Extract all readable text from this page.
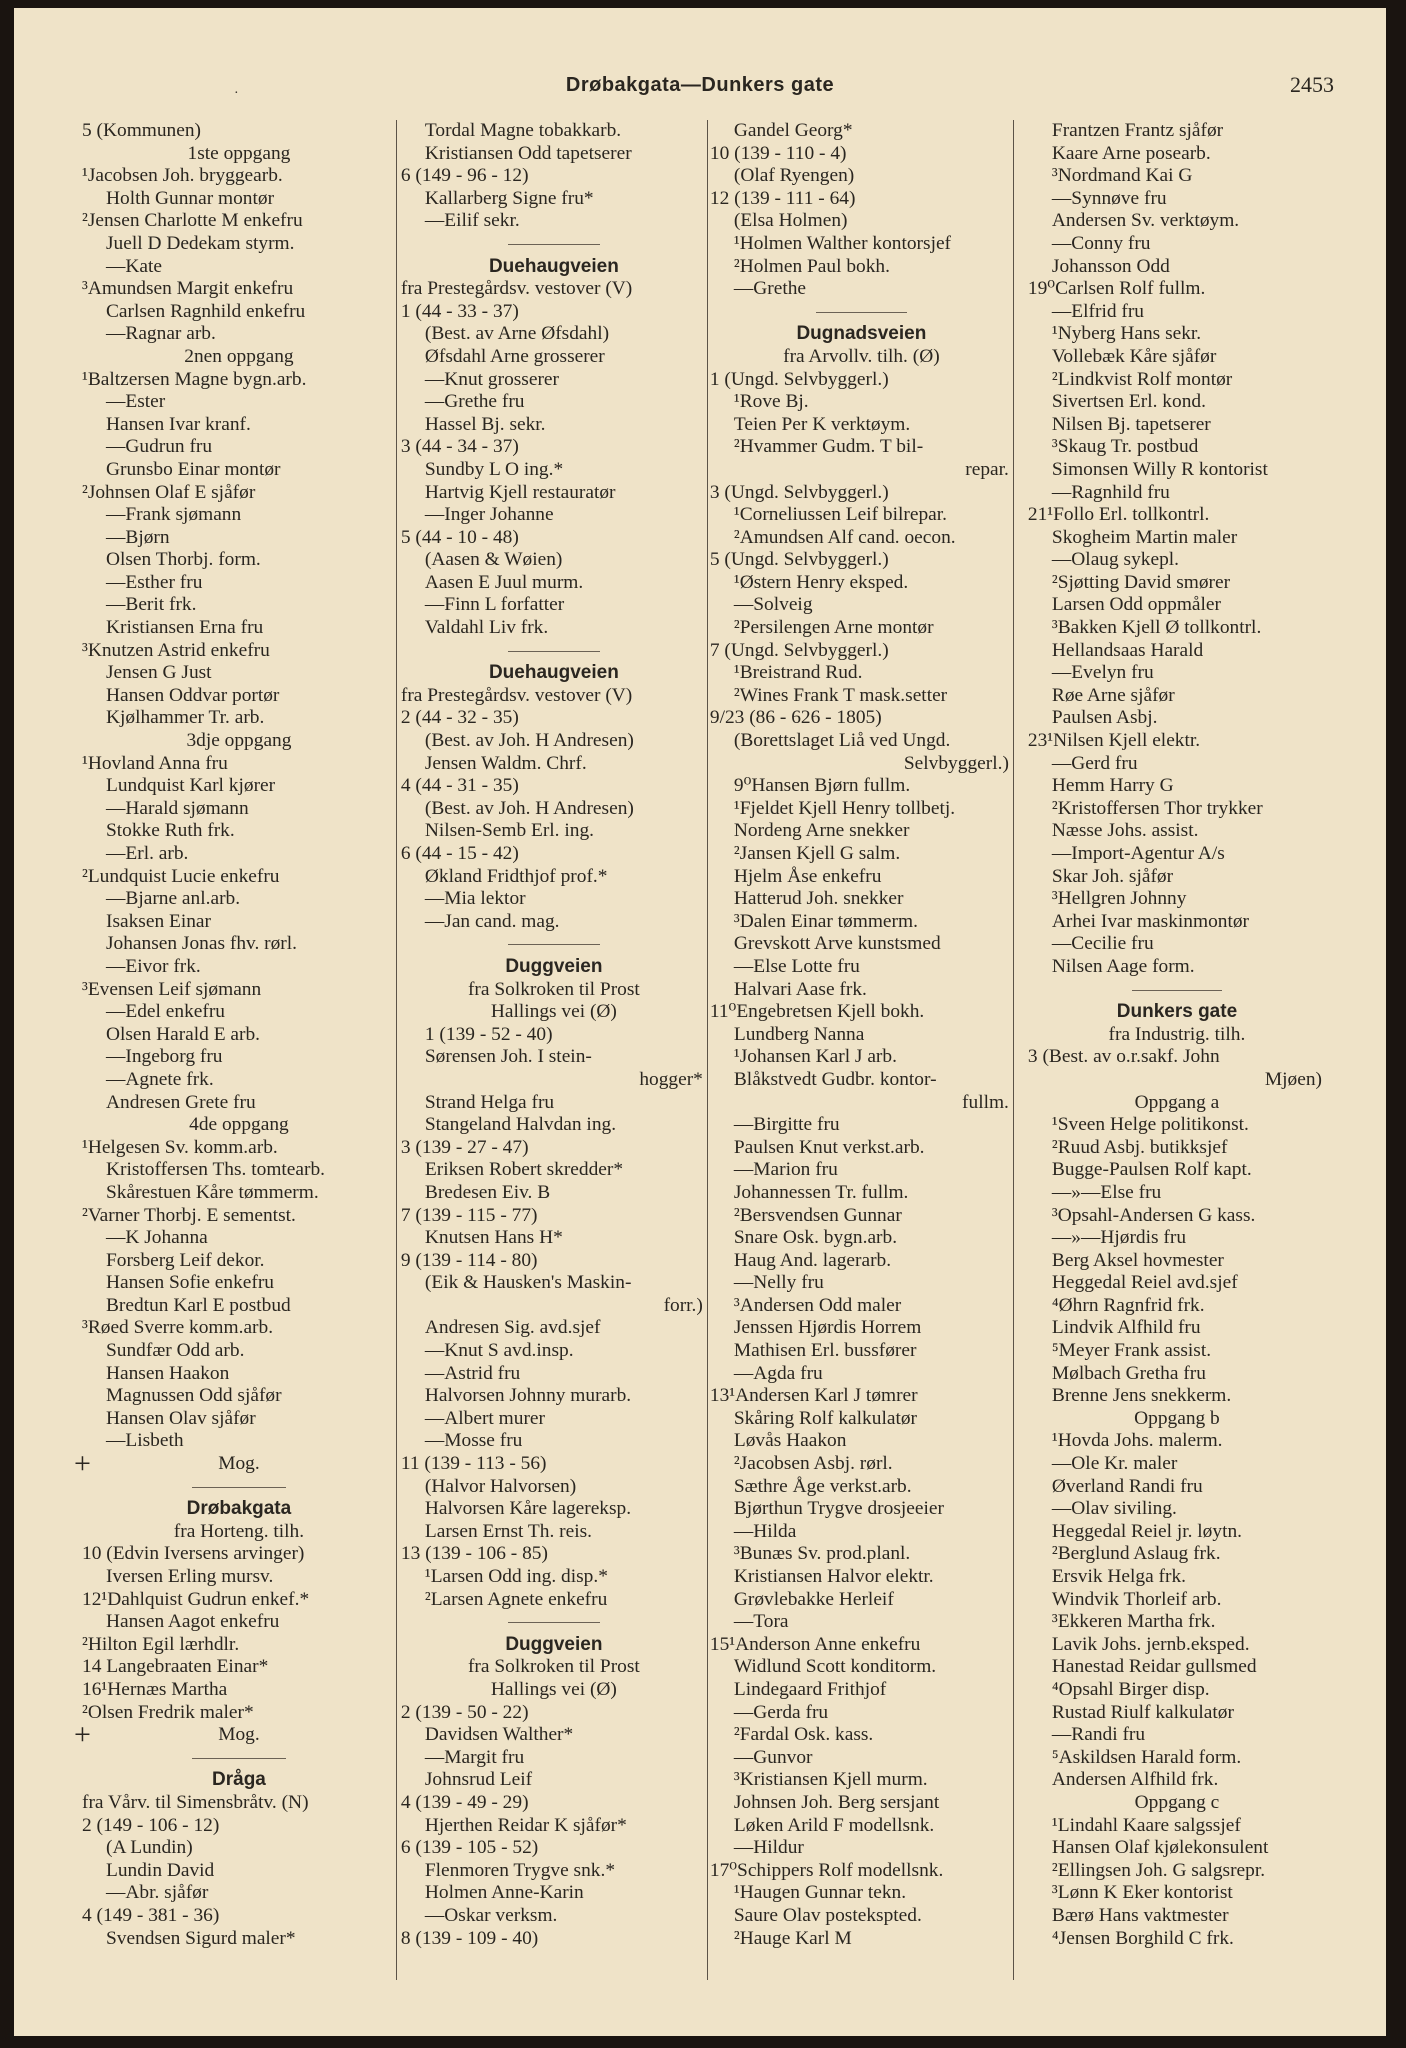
·	Drøbakgata—Dunkers gate	2453
5 (Kommunen)
1ste oppgang
¹Jacobsen Joh. bryggearb.
Holth Gunnar montør
²Jensen Charlotte M enkefru
Juell D Dedekam styrm.
—Kate
³Amundsen Margit enkefru
Carlsen Ragnhild enkefru
—Ragnar arb.
2nen oppgang
¹Baltzersen Magne bygn.arb.
—Ester
Hansen Ivar kranf.
—Gudrun fru
Grunsbo Einar montør
²Johnsen Olaf E sjåfør
—Frank sjømann
—Bjørn
Olsen Thorbj. form.
—Esther fru
—Berit frk.
Kristiansen Erna fru
³Knutzen Astrid enkefru
Jensen G Just
Hansen Oddvar portør
Kjølhammer Tr. arb.
3dje oppgang
¹Hovland Anna fru
Lundquist Karl kjører
—Harald sjømann
Stokke Ruth frk.
—Erl. arb.
²Lundquist Lucie enkefru
—Bjarne anl.arb.
Isaksen Einar
Johansen Jonas fhv. rørl.
—Eivor frk.
³Evensen Leif sjømann
—Edel enkefru
Olsen Harald E arb.
—Ingeborg fru
—Agnete frk.
Andresen Grete fru
4de oppgang
¹Helgesen Sv. komm.arb.
Kristoffersen Ths. tomtearb.
Skårestuen Kåre tømmerm.
²Varner Thorbj. E sementst.
—K Johanna
Forsberg Leif dekor.
Hansen Sofie enkefru
Bredtun Karl E postbud
³Røed Sverre komm.arb.
Sundfær Odd arb.
Hansen Haakon
Magnussen Odd sjåfør
Hansen Olav sjåfør
—Lisbeth
+	Mog.
Drøbakgata
fra Horteng. tilh.
10 (Edvin Iversens arvinger)
Iversen Erling mursv.
12¹Dahlquist Gudrun enkef.*
Hansen Aagot enkefru
²Hilton Egil lærhdlr.
14 Langebraaten Einar*
16¹Hernæs Martha
²Olsen Fredrik maler*
+	Mog.
Dråga
fra Vårv. til Simensbråtv. (N)
2 (149 - 106 - 12)
(A Lundin)
Lundin David
—Abr. sjåfør
4 (149 - 381 - 36)
Svendsen Sigurd maler*
Tordal Magne tobakkarb.
Kristiansen Odd tapetserer
6 (149 - 96 - 12)
Kallarberg Signe fru*
—Eilif sekr.
Duehaugveien
fra Prestegårdsv. vestover (V)
1 (44 - 33 - 37)
(Best. av Arne Øfsdahl)
Øfsdahl Arne grosserer
—Knut grosserer
—Grethe fru
Hassel Bj. sekr.
3 (44 - 34 - 37)
Sundby L O ing.*
Hartvig Kjell restauratør
—Inger Johanne
5 (44 - 10 - 48)
(Aasen & Wøien)
Aasen E Juul murm.
—Finn L forfatter
Valdahl Liv frk.
Duehaugveien
fra Prestegårdsv. vestover (V)
2 (44 - 32 - 35)
(Best. av Joh. H Andresen)
Jensen Waldm. Chrf.
4 (44 - 31 - 35)
(Best. av Joh. H Andresen)
Nilsen-Semb Erl. ing.
6 (44 - 15 - 42)
Økland Fridthjof prof.*
—Mia lektor
—Jan cand. mag.
Duggveien
fra Solkroken til Prost
Hallings vei (Ø)
1 (139 - 52 - 40)
Sørensen Joh. I stein-
hogger*
Strand Helga fru
Stangeland Halvdan ing.
3 (139 - 27 - 47)
Eriksen Robert skredder*
Bredesen Eiv. B
7 (139 - 115 - 77)
Knutsen Hans H*
9 (139 - 114 - 80)
(Eik & Hausken's Maskin-
forr.)
Andresen Sig. avd.sjef
—Knut S avd.insp.
—Astrid fru
Halvorsen Johnny murarb.
—Albert murer
—Mosse fru
11 (139 - 113 - 56)
(Halvor Halvorsen)
Halvorsen Kåre lagereksp.
Larsen Ernst Th. reis.
13 (139 - 106 - 85)
¹Larsen Odd ing. disp.*
²Larsen Agnete enkefru
Duggveien
fra Solkroken til Prost
Hallings vei (Ø)
2 (139 - 50 - 22)
Davidsen Walther*
—Margit fru
Johnsrud Leif
4 (139 - 49 - 29)
Hjerthen Reidar K sjåfør*
6 (139 - 105 - 52)
Flenmoren Trygve snk.*
Holmen Anne-Karin
—Oskar verksm.
8 (139 - 109 - 40)
Gandel Georg*
10 (139 - 110 - 4)
(Olaf Ryengen)
12 (139 - 111 - 64)
(Elsa Holmen)
¹Holmen Walther kontorsjef
²Holmen Paul bokh.
—Grethe
Dugnadsveien
fra Arvollv. tilh. (Ø)
1 (Ungd. Selvbyggerl.)
¹Rove Bj.
Teien Per K verktøym.
²Hvammer Gudm. T bil-
repar.
3 (Ungd. Selvbyggerl.)
¹Corneliussen Leif bilrepar.
²Amundsen Alf cand. oecon.
5 (Ungd. Selvbyggerl.)
¹Østern Henry eksped.
—Solveig
²Persilengen Arne montør
7 (Ungd. Selvbyggerl.)
¹Breistrand Rud.
²Wines Frank T mask.setter
9/23 (86 - 626 - 1805)
(Borettslaget Liå ved Ungd.
Selvbyggerl.)
9⁰Hansen Bjørn fullm.
¹Fjeldet Kjell Henry tollbetj.
Nordeng Arne snekker
²Jansen Kjell G salm.
Hjelm Åse enkefru
Hatterud Joh. snekker
³Dalen Einar tømmerm.
Grevskott Arve kunstsmed
—Else Lotte fru
Halvari Aase frk.
11⁰Engebretsen Kjell bokh.
Lundberg Nanna
¹Johansen Karl J arb.
Blåkstvedt Gudbr. kontor-
fullm.
—Birgitte fru
Paulsen Knut verkst.arb.
—Marion fru
Johannessen Tr. fullm.
²Bersvendsen Gunnar
Snare Osk. bygn.arb.
Haug And. lagerarb.
—Nelly fru
³Andersen Odd maler
Jenssen Hjørdis Horrem
Mathisen Erl. bussfører
—Agda fru
13¹Andersen Karl J tømrer
Skåring Rolf kalkulatør
Løvås Haakon
²Jacobsen Asbj. rørl.
Sæthre Åge verkst.arb.
Bjørthun Trygve drosjeeier
—Hilda
³Bunæs Sv. prod.planl.
Kristiansen Halvor elektr.
Grøvlebakke Herleif
—Tora
15¹Anderson Anne enkefru
Widlund Scott konditorm.
Lindegaard Frithjof
—Gerda fru
²Fardal Osk. kass.
—Gunvor
³Kristiansen Kjell murm.
Johnsen Joh. Berg sersjant
Løken Arild F modellsnk.
—Hildur
17⁰Schippers Rolf modellsnk.
¹Haugen Gunnar tekn.
Saure Olav postekspted.
²Hauge Karl M
Frantzen Frantz sjåfør
Kaare Arne posearb.
³Nordmand Kai G
—Synnøve fru
Andersen Sv. verktøym.
—Conny fru
Johansson Odd
19⁰Carlsen Rolf fullm.
—Elfrid fru
¹Nyberg Hans sekr.
Vollebæk Kåre sjåfør
²Lindkvist Rolf montør
Sivertsen Erl. kond.
Nilsen Bj. tapetserer
³Skaug Tr. postbud
Simonsen Willy R kontorist
—Ragnhild fru
21¹Follo Erl. tollkontrl.
Skogheim Martin maler
—Olaug sykepl.
²Sjøtting David smører
Larsen Odd oppmåler
³Bakken Kjell Ø tollkontrl.
Hellandsaas Harald
—Evelyn fru
Røe Arne sjåfør
Paulsen Asbj.
23¹Nilsen Kjell elektr.
—Gerd fru
Hemm Harry G
²Kristoffersen Thor trykker
Næsse Johs. assist.
—Import-Agentur A/s
Skar Joh. sjåfør
³Hellgren Johnny
Arhei Ivar maskinmontør
—Cecilie fru
Nilsen Aage form.
Dunkers gate
fra Industrig. tilh.
3 (Best. av o.r.sakf. John
Mjøen)
Oppgang a
¹Sveen Helge politikonst.
²Ruud Asbj. butikksjef
Bugge-Paulsen Rolf kapt.
—»—Else fru
³Opsahl-Andersen G kass.
—»—Hjørdis fru
Berg Aksel hovmester
Heggedal Reiel avd.sjef
⁴Øhrn Ragnfrid frk.
Lindvik Alfhild fru
⁵Meyer Frank assist.
Mølbach Gretha fru
Brenne Jens snekkerm.
Oppgang b
¹Hovda Johs. malerm.
—Ole Kr. maler
Øverland Randi fru
—Olav siviling.
Heggedal Reiel jr. løytn.
²Berglund Aslaug frk.
Ersvik Helga frk.
Windvik Thorleif arb.
³Ekkeren Martha frk.
Lavik Johs. jernb.eksped.
Hanestad Reidar gullsmed
⁴Opsahl Birger disp.
Rustad Riulf kalkulatør
—Randi fru
⁵Askildsen Harald form.
Andersen Alfhild frk.
Oppgang c
¹Lindahl Kaare salgssjef
Hansen Olaf kjølekonsulent
²Ellingsen Joh. G salgsrepr.
³Lønn K Eker kontorist
Bærø Hans vaktmester
⁴Jensen Borghild C frk.
